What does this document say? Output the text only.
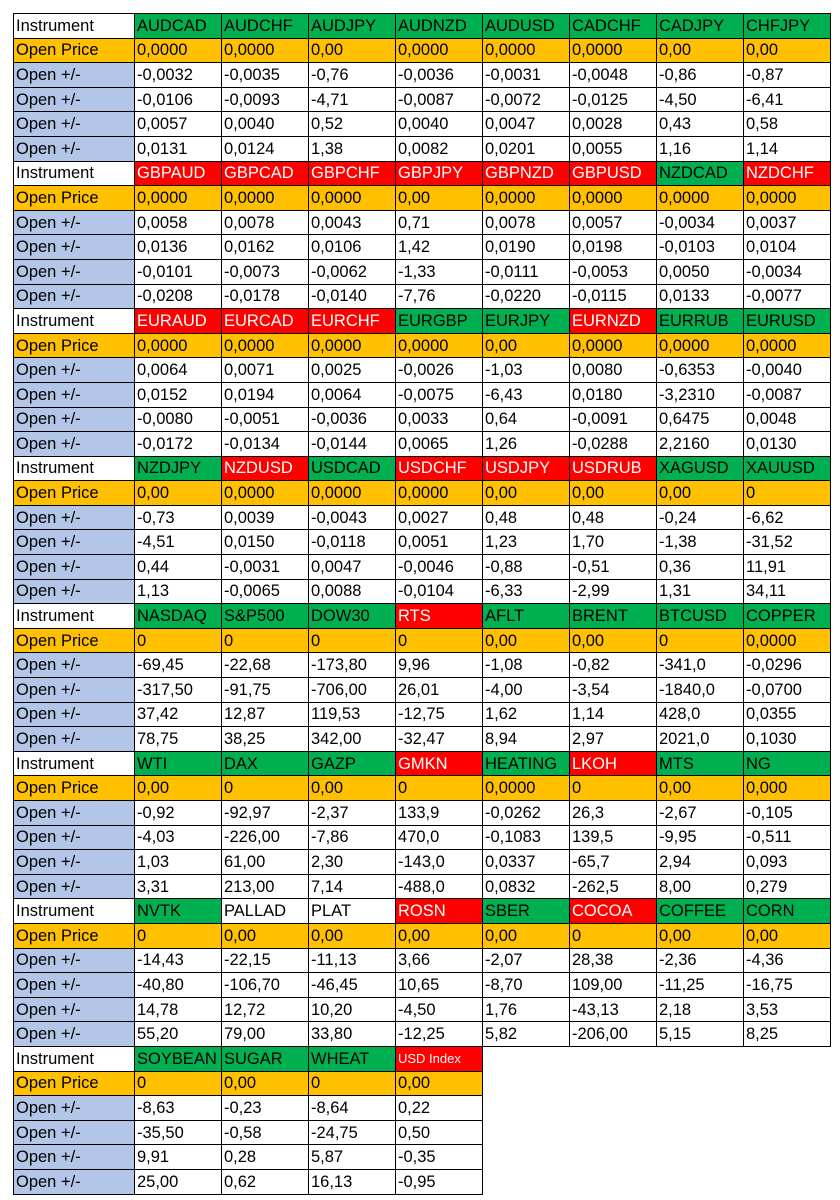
Instrument	AUDCAD	AUDCHF	AUDJPY	AUDNZD	AUDUSD	CADCHF	CADJPY	CHFJPY
Open Price	0,0000	0,0000	0,00	0,0000	0,0000	0,0000	0,00	0,00
Open +/-	-0,0032	-0,0035	-0,76	-0,0036	-0,0031	-0,0048	-0,86	-0,87
Open +/-	-0,0106	-0,0093	-4,71	-0,0087	-0,0072	-0,0125	-4,50	-6,41
Open +/-	0,0057	0,0040	0,52	0,0040	0,0047	0,0028	0,43	0,58
Open +/-	0,0131	0,0124	1,38	0,0082	0,0201	0,0055	1,16	1,14
Instrument	GBPAUD	GBPCAD	GBPCHF	GBPJPY	GBPNZD	GBPUSD	NZDCAD	NZDCHF
Open Price	0,0000	0,0000	0,0000	0,00	0,0000	0,0000	0,0000	0,0000
Open +/-	0,0058	0,0078	0,0043	0,71	0,0078	0,0057	-0,0034	0,0037
Open +/-	0,0136	0,0162	0,0106	1,42	0,0190	0,0198	-0,0103	0,0104
Open +/-	-0,0101	-0,0073	-0,0062	-1,33	-0,0111	-0,0053	0,0050	-0,0034
Open +/-	-0,0208	-0,0178	-0,0140	-7,76	-0,0220	-0,0115	0,0133	-0,0077
Instrument	EURAUD	EURCAD	EURCHF	EURGBP	EURJPY	EURNZD	EURRUB	EURUSD
Open Price	0,0000	0,0000	0,0000	0,0000	0,00	0,0000	0,0000	0,0000
Open +/-	0,0064	0,0071	0,0025	-0,0026	-1,03	0,0080	-0,6353	-0,0040
Open +/-	0,0152	0,0194	0,0064	-0,0075	-6,43	0,0180	-3,2310	-0,0087
Open +/-	-0,0080	-0,0051	-0,0036	0,0033	0,64	-0,0091	0,6475	0,0048
Open +/-	-0,0172	-0,0134	-0,0144	0,0065	1,26	-0,0288	2,2160	0,0130
Instrument	NZDJPY	NZDUSD	USDCAD	USDCHF	USDJPY	USDRUB	XAGUSD	XAUUSD
Open Price	0,00	0,0000	0,0000	0,0000	0,00	0,00	0,00	0
Open +/-	-0,73	0,0039	-0,0043	0,0027	0,48	0,48	-0,24	-6,62
Open +/-	-4,51	0,0150	-0,0118	0,0051	1,23	1,70	-1,38	-31,52
Open +/-	0,44	-0,0031	0,0047	-0,0046	-0,88	-0,51	0,36	11,91
Open +/-	1,13	-0,0065	0,0088	-0,0104	-6,33	-2,99	1,31	34,11
Instrument	NASDAQ	S&P500	DOW30	RTS	AFLT	BRENT	BTCUSD	COPPER
Open Price	0	0	0	0	0,00	0,00	0	0,0000
Open +/-	-69,45	-22,68	-173,80	9,96	-1,08	-0,82	-341,0	-0,0296
Open +/-	-317,50	-91,75	-706,00	26,01	-4,00	-3,54	-1840,0	-0,0700
Open +/-	37,42	12,87	119,53	-12,75	1,62	1,14	428,0	0,0355
Open +/-	78,75	38,25	342,00	-32,47	8,94	2,97	2021,0	0,1030
Instrument	WTI	DAX	GAZP	GMKN	HEATING	LKOH	MTS	NG
Open Price	0,00	0	0,00	0	0,0000	0	0,00	0,000
Open +/-	-0,92	-92,97	-2,37	133,9	-0,0262	26,3	-2,67	-0,105
Open +/-	-4,03	-226,00	-7,86	470,0	-0,1083	139,5	-9,95	-0,511
Open +/-	1,03	61,00	2,30	-143,0	0,0337	-65,7	2,94	0,093
Open +/-	3,31	213,00	7,14	-488,0	0,0832	-262,5	8,00	0,279
Instrument	NVTK	PALLAD	PLAT	ROSN	SBER	COCOA	COFFEE	CORN
Open Price	0	0,00	0,00	0,00	0,00	0	0,00	0,00
Open +/-	-14,43	-22,15	-11,13	3,66	-2,07	28,38	-2,36	-4,36
Open +/-	-40,80	-106,70	-46,45	10,65	-8,70	109,00	-11,25	-16,75
Open +/-	14,78	12,72	10,20	-4,50	1,76	-43,13	2,18	3,53
Open +/-	55,20	79,00	33,80	-12,25	5,82	-206,00	5,15	8,25
Instrument	SOYBEAN	SUGAR	WHEAT	USD Index				
Open Price	0	0,00	0	0,00				
Open +/-	-8,63	-0,23	-8,64	0,22				
Open +/-	-35,50	-0,58	-24,75	0,50				
Open +/-	9,91	0,28	5,87	-0,35				
Open +/-	25,00	0,62	16,13	-0,95				
